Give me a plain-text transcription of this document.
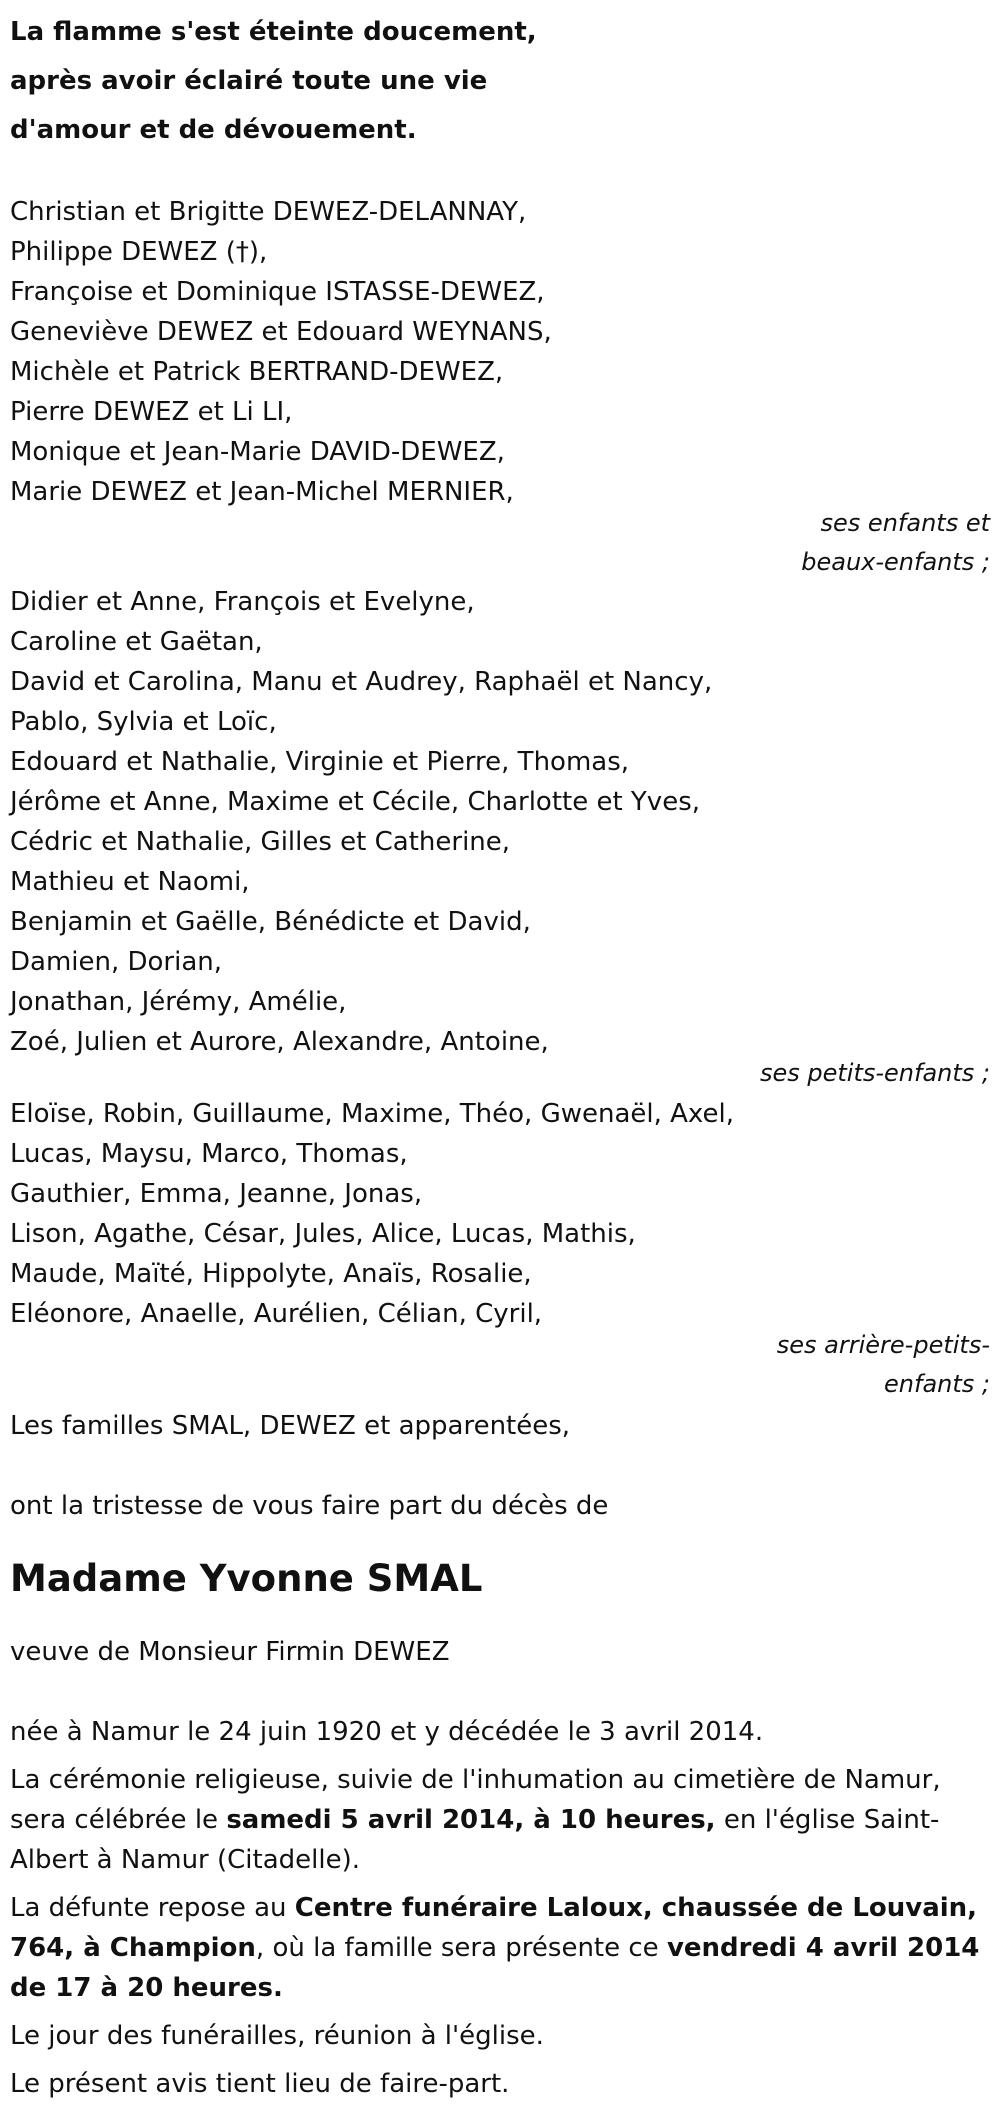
La flamme s'est éteinte doucement,
après avoir éclairé toute une vie
d'amour et de dévouement.
Christian et Brigitte DEWEZ-DELANNAY,
Philippe DEWEZ (†),
Françoise et Dominique ISTASSE-DEWEZ,
Geneviève DEWEZ et Edouard WEYNANS,
Michèle et Patrick BERTRAND-DEWEZ,
Pierre DEWEZ et Li LI,
Monique et Jean-Marie DAVID-DEWEZ,
Marie DEWEZ et Jean-Michel MERNIER,
ses enfants et
beaux-enfants ;
Didier et Anne, François et Evelyne,
Caroline et Gaëtan,
David et Carolina, Manu et Audrey, Raphaël et Nancy,
Pablo, Sylvia et Loïc,
Edouard et Nathalie, Virginie et Pierre, Thomas,
Jérôme et Anne, Maxime et Cécile, Charlotte et Yves,
Cédric et Nathalie, Gilles et Catherine,
Mathieu et Naomi,
Benjamin et Gaëlle, Bénédicte et David,
Damien, Dorian,
Jonathan, Jérémy, Amélie,
Zoé, Julien et Aurore, Alexandre, Antoine,
ses petits-enfants ;
Eloïse, Robin, Guillaume, Maxime, Théo, Gwenaël, Axel,
Lucas, Maysu, Marco, Thomas,
Gauthier, Emma, Jeanne, Jonas,
Lison, Agathe, César, Jules, Alice, Lucas, Mathis,
Maude, Maïté, Hippolyte, Anaïs, Rosalie,
Eléonore, Anaelle, Aurélien, Célian, Cyril,
ses arrière-petits-
enfants ;
Les familles SMAL, DEWEZ et apparentées,
ont la tristesse de vous faire part du décès de
Madame Yvonne SMAL
veuve de Monsieur Firmin DEWEZ

née à Namur le 24 juin 1920 et y décédée le 3 avril 2014.

La cérémonie religieuse, suivie de l'inhumation au cimetière de Namur, sera célébrée le samedi 5 avril 2014, à 10 heures, en l'église Saint-Albert à Namur (Citadelle).

La défunte repose au Centre funéraire Laloux, chaussée de Louvain, 764, à Champion, où la famille sera présente ce vendredi 4 avril 2014 de 17 à 20 heures.

Le jour des funérailles, réunion à l'église.

Le présent avis tient lieu de faire-part.
